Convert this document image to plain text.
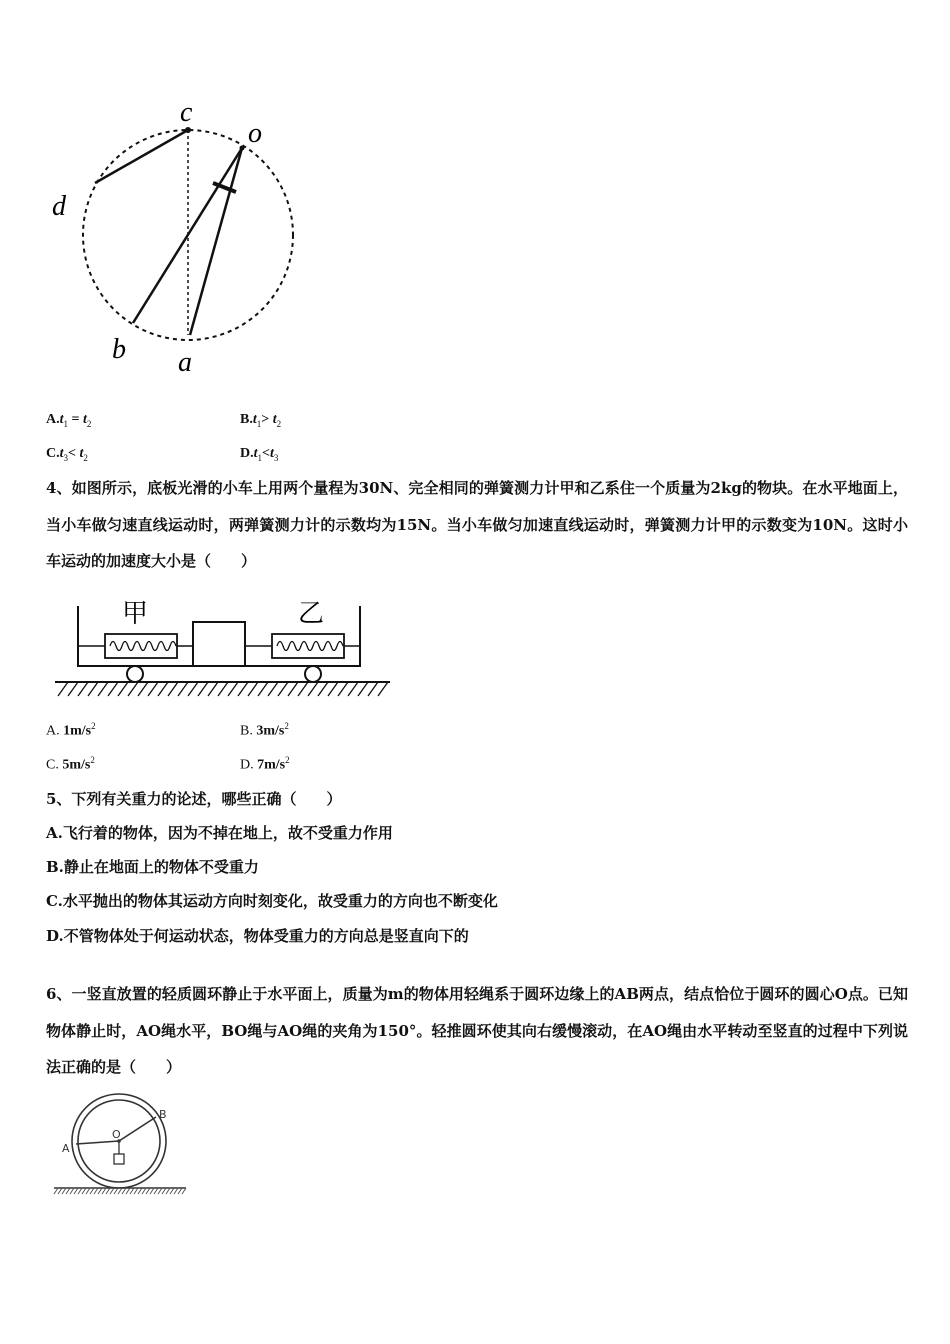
c
o
d
b a
$A.t_1 = t_2$	$B.t_1> t_2$
$C.t_3< t_2$	$D.t_1<t_3$
4、如图所示，底板光滑的小车上用两个量程为30N、完全相同的弹簧测力计甲和乙系住一个质量为2kg的物块。在水平地面上，当小车做匀速直线运动时，两弹簧测力计的示数均为15N。当小车做匀加速直线运动时，弹簧测力计甲的示数变为10N。这时小车运动的加速度大小是（　　）
甲	乙
A. $1m/s^2$	B. $3m/s^2$
C. $5m/s^2$	D. $7m/s^2$
5、下列有关重力的论述，哪些正确（　　）
A.飞行着的物体，因为不掉在地上，故不受重力作用
B.静止在地面上的物体不受重力
C.水平抛出的物体其运动方向时刻变化，故受重力的方向也不断变化
D.不管物体处于何运动状态，物体受重力的方向总是竖直向下的
6、一竖直放置的轻质圆环静止于水平面上，质量为m的物体用轻绳系于圆环边缘上的AB两点，结点恰位于圆环的圆心O点。已知物体静止时，AO绳水平，BO绳与AO绳的夹角为150°。轻推圆环使其向右缓慢滚动，在AO绳由水平转动至竖直的过程中下列说法正确的是（　　）
A
O
B
